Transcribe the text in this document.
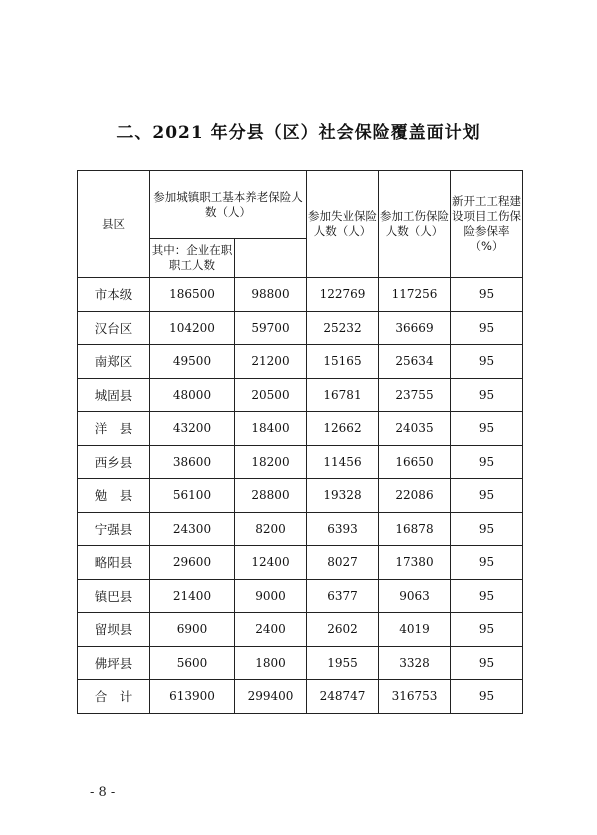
二、2021 年分县（区）社会保险覆盖面计划
县区	参加城镇职工基本养老保险人数（人）		参加失业保险人数（人）	参加工伤保险人数（人）	新开工工程建设项目工伤保险参保率（%）
	其中：企业在职职工人数				
市本级	186500	98800	122769	117256	95
汉台区	104200	59700	25232	36669	95
南郑区	49500	21200	15165	25634	95
城固县	48000	20500	16781	23755	95
洋　县	43200	18400	12662	24035	95
西乡县	38600	18200	11456	16650	95
勉　县	56100	28800	19328	22086	95
宁强县	24300	8200	6393	16878	95
略阳县	29600	12400	8027	17380	95
镇巴县	21400	9000	6377	9063	95
留坝县	6900	2400	2602	4019	95
佛坪县	5600	1800	1955	3328	95
合　计	613900	299400	248747	316753	95
- 8 -
